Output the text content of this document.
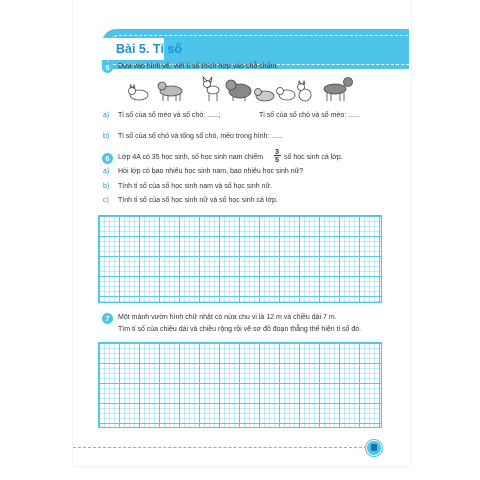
Bài 5. Tỉ số
5	Dựa vào hình vẽ, viết tỉ số thích hợp vào chỗ chấm.
a) Tỉ số của số mèo và số chó: ......;	Tỉ số của số chó và số mèo: ......
b) Tỉ số của số chó và tổng số chó, mèo trong hình: ......
6	Lớp 4A có 35 học sinh, số học sinh nam chiếm
3
5 số học sinh cả lớp.
a) Hỏi lớp có bao nhiêu học sinh nam, bao nhiêu học sinh nữ?
b) Tính tỉ số của số học sinh nam và số học sinh nữ.
c) Tính tỉ số của số học sinh nữ và số học sinh cả lớp.
7	Một mảnh vườn hình chữ nhật có nửa chu vi là 12 m và chiều dài 7 m.
Tìm tỉ số của chiều dài và chiều rộng rồi vẽ sơ đồ đoạn thẳng thể hiện tỉ số đó.
